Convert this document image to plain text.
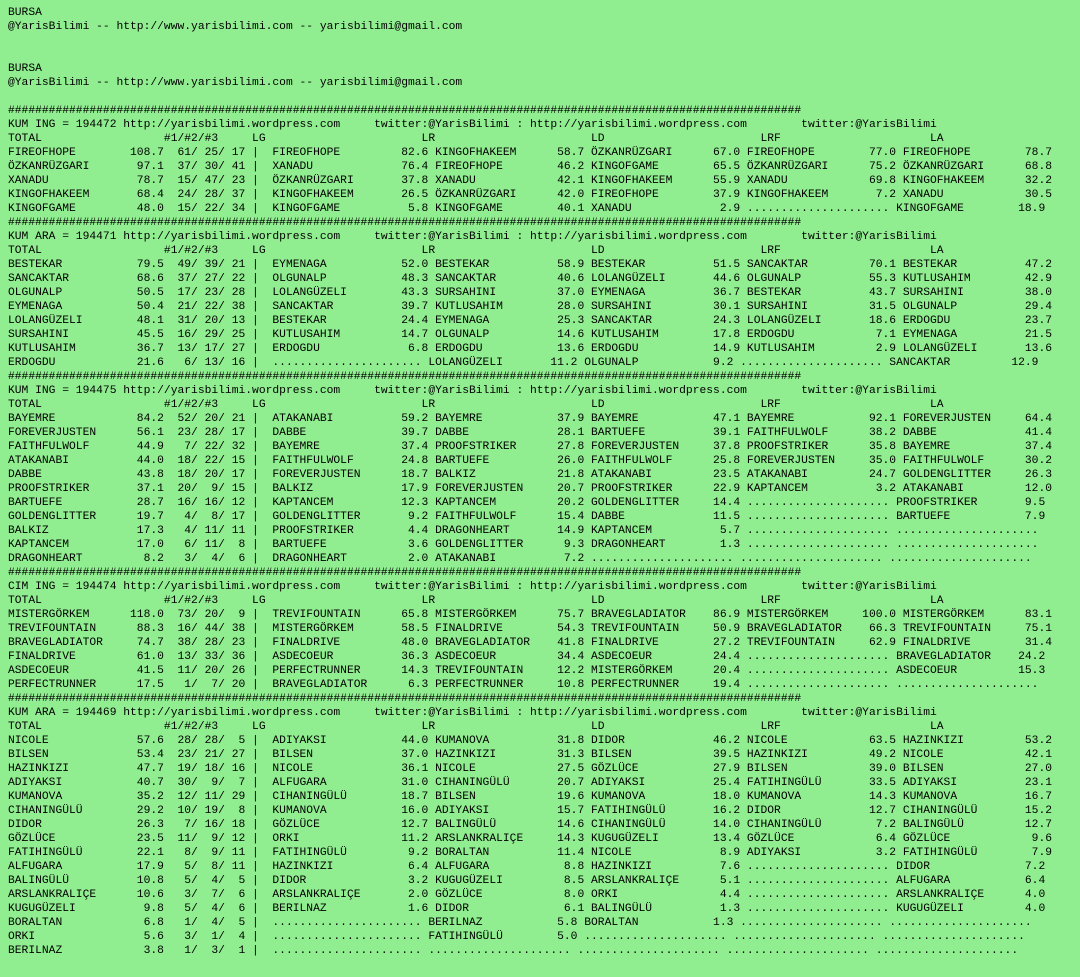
BURSA
@YarisBilimi -- http://www.yarisbilimi.com -- yarisbilimi@gmail.com
BURSA
@YarisBilimi -- http://www.yarisbilimi.com -- yarisbilimi@gmail.com
#####################################################################################################################
KUM ING = 194472 http://yarisbilimi.wordpress.com     twitter:@YarisBilimi : http://yarisbilimi.wordpress.com        twitter:@YarisBilimi
TOTAL                  #1/#2/#3     LG                       LR                       LD                       LRF                      LA
FIREOFHOPE        108.7  61/ 25/ 17 |  FIREOFHOPE         82.6 KINGOFHAKEEM      58.7 ÖZKANRÜZGARI      67.0 FIREOFHOPE        77.0 FIREOFHOPE        78.7
ÖZKANRÜZGARI       97.1  37/ 30/ 41 |  XANADU             76.4 FIREOFHOPE        46.2 KINGOFGAME        65.5 ÖZKANRÜZGARI      75.2 ÖZKANRÜZGARI      68.8
XANADU             78.7  15/ 47/ 23 |  ÖZKANRÜZGARI       37.8 XANADU            42.1 KINGOFHAKEEM      55.9 XANADU            69.8 KINGOFHAKEEM      32.2
KINGOFHAKEEM       68.4  24/ 28/ 37 |  KINGOFHAKEEM       26.5 ÖZKANRÜZGARI      42.0 FIREOFHOPE        37.9 KINGOFHAKEEM       7.2 XANADU            30.5
KINGOFGAME         48.0  15/ 22/ 34 |  KINGOFGAME          5.8 KINGOFGAME        40.1 XANADU             2.9 ..................... KINGOFGAME        18.9
#####################################################################################################################
KUM ARA = 194471 http://yarisbilimi.wordpress.com     twitter:@YarisBilimi : http://yarisbilimi.wordpress.com        twitter:@YarisBilimi
TOTAL                  #1/#2/#3     LG                       LR                       LD                       LRF                      LA
BESTEKAR           79.5  49/ 39/ 21 |  EYMENAGA           52.0 BESTEKAR          58.9 BESTEKAR          51.5 SANCAKTAR         70.1 BESTEKAR          47.2
SANCAKTAR          68.6  37/ 27/ 22 |  OLGUNALP           48.3 SANCAKTAR         40.6 LOLANGÜZELI       44.6 OLGUNALP          55.3 KUTLUSAHIM        42.9
OLGUNALP           50.5  17/ 23/ 28 |  LOLANGÜZELI        43.3 SURSAHINI         37.0 EYMENAGA          36.7 BESTEKAR          43.7 SURSAHINI         38.0
EYMENAGA           50.4  21/ 22/ 38 |  SANCAKTAR          39.7 KUTLUSAHIM        28.0 SURSAHINI         30.1 SURSAHINI         31.5 OLGUNALP          29.4
LOLANGÜZELI        48.1  31/ 20/ 13 |  BESTEKAR           24.4 EYMENAGA          25.3 SANCAKTAR         24.3 LOLANGÜZELI       18.6 ERDOGDU           23.7
SURSAHINI          45.5  16/ 29/ 25 |  KUTLUSAHIM         14.7 OLGUNALP          14.6 KUTLUSAHIM        17.8 ERDOGDU            7.1 EYMENAGA          21.5
KUTLUSAHIM         36.7  13/ 17/ 27 |  ERDOGDU             6.8 ERDOGDU           13.6 ERDOGDU           14.9 KUTLUSAHIM         2.9 LOLANGÜZELI       13.6
ERDOGDU            21.6   6/ 13/ 16 |  ...................... LOLANGÜZELI       11.2 OLGUNALP           9.2 ..................... SANCAKTAR         12.9
#####################################################################################################################
KUM ING = 194475 http://yarisbilimi.wordpress.com     twitter:@YarisBilimi : http://yarisbilimi.wordpress.com        twitter:@YarisBilimi
TOTAL                  #1/#2/#3     LG                       LR                       LD                       LRF                      LA
BAYEMRE            84.2  52/ 20/ 21 |  ATAKANABI          59.2 BAYEMRE           37.9 BAYEMRE           47.1 BAYEMRE           92.1 FOREVERJUSTEN     64.4
FOREVERJUSTEN      56.1  23/ 28/ 17 |  DABBE              39.7 DABBE             28.1 BARTUEFE          39.1 FAITHFULWOLF      38.2 DABBE             41.4
FAITHFULWOLF       44.9   7/ 22/ 32 |  BAYEMRE            37.4 PROOFSTRIKER      27.8 FOREVERJUSTEN     37.8 PROOFSTRIKER      35.8 BAYEMRE           37.4
ATAKANABI          44.0  18/ 22/ 15 |  FAITHFULWOLF       24.8 BARTUEFE          26.0 FAITHFULWOLF      25.8 FOREVERJUSTEN     35.0 FAITHFULWOLF      30.2
DABBE              43.8  18/ 20/ 17 |  FOREVERJUSTEN      18.7 BALKIZ            21.8 ATAKANABI         23.5 ATAKANABI         24.7 GOLDENGLITTER     26.3
PROOFSTRIKER       37.1  20/  9/ 15 |  BALKIZ             17.9 FOREVERJUSTEN     20.7 PROOFSTRIKER      22.9 KAPTANCEM          3.2 ATAKANABI         12.0
BARTUEFE           28.7  16/ 16/ 12 |  KAPTANCEM          12.3 KAPTANCEM         20.2 GOLDENGLITTER     14.4 ..................... PROOFSTRIKER       9.5
GOLDENGLITTER      19.7   4/  8/ 17 |  GOLDENGLITTER       9.2 FAITHFULWOLF      15.4 DABBE             11.5 ..................... BARTUEFE           7.9
BALKIZ             17.3   4/ 11/ 11 |  PROOFSTRIKER        4.4 DRAGONHEART       14.9 KAPTANCEM          5.7 ..................... .....................
KAPTANCEM          17.0   6/ 11/  8 |  BARTUEFE            3.6 GOLDENGLITTER      9.3 DRAGONHEART        1.3 ..................... .....................
DRAGONHEART         8.2   3/  4/  6 |  DRAGONHEART         2.0 ATAKANABI          7.2 ..................... ..................... .....................
#####################################################################################################################
CIM ING = 194474 http://yarisbilimi.wordpress.com     twitter:@YarisBilimi : http://yarisbilimi.wordpress.com        twitter:@YarisBilimi
TOTAL                  #1/#2/#3     LG                       LR                       LD                       LRF                      LA
MISTERGÖRKEM      118.0  73/ 20/  9 |  TREVIFOUNTAIN      65.8 MISTERGÖRKEM      75.7 BRAVEGLADIATOR    86.9 MISTERGÖRKEM     100.0 MISTERGÖRKEM      83.1
TREVIFOUNTAIN      88.3  16/ 44/ 38 |  MISTERGÖRKEM       58.5 FINALDRIVE        54.3 TREVIFOUNTAIN     50.9 BRAVEGLADIATOR    66.3 TREVIFOUNTAIN     75.1
BRAVEGLADIATOR     74.7  38/ 28/ 23 |  FINALDRIVE         48.0 BRAVEGLADIATOR    41.8 FINALDRIVE        27.2 TREVIFOUNTAIN     62.9 FINALDRIVE        31.4
FINALDRIVE         61.0  13/ 33/ 36 |  ASDECOEUR          36.3 ASDECOEUR         34.4 ASDECOEUR         24.4 ..................... BRAVEGLADIATOR    24.2
ASDECOEUR          41.5  11/ 20/ 26 |  PERFECTRUNNER      14.3 TREVIFOUNTAIN     12.2 MISTERGÖRKEM      20.4 ..................... ASDECOEUR         15.3
PERFECTRUNNER      17.5   1/  7/ 20 |  BRAVEGLADIATOR      6.3 PERFECTRUNNER     10.8 PERFECTRUNNER     19.4 ..................... .....................
#####################################################################################################################
KUM ARA = 194469 http://yarisbilimi.wordpress.com     twitter:@YarisBilimi : http://yarisbilimi.wordpress.com        twitter:@YarisBilimi
TOTAL                  #1/#2/#3     LG                       LR                       LD                       LRF                      LA
NICOLE             57.6  28/ 28/  5 |  ADIYAKSI           44.0 KUMANOVA          31.8 DIDOR             46.2 NICOLE            63.5 HAZINKIZI         53.2
BILSEN             53.4  23/ 21/ 27 |  BILSEN             37.0 HAZINKIZI         31.3 BILSEN            39.5 HAZINKIZI         49.2 NICOLE            42.1
HAZINKIZI          47.7  19/ 18/ 16 |  NICOLE             36.1 NICOLE            27.5 GÖZLÜCE           27.9 BILSEN            39.0 BILSEN            27.0
ADIYAKSI           40.7  30/  9/  7 |  ALFUGARA           31.0 CIHANINGÜLÜ       20.7 ADIYAKSI          25.4 FATIHINGÜLÜ       33.5 ADIYAKSI          23.1
KUMANOVA           35.2  12/ 11/ 29 |  CIHANINGÜLÜ        18.7 BILSEN            19.6 KUMANOVA          18.0 KUMANOVA          14.3 KUMANOVA          16.7
CIHANINGÜLÜ        29.2  10/ 19/  8 |  KUMANOVA           16.0 ADIYAKSI          15.7 FATIHINGÜLÜ       16.2 DIDOR             12.7 CIHANINGÜLÜ       15.2
DIDOR              26.3   7/ 16/ 18 |  GÖZLÜCE            12.7 BALINGÜLÜ         14.6 CIHANINGÜLÜ       14.0 CIHANINGÜLÜ        7.2 BALINGÜLÜ         12.7
GÖZLÜCE            23.5  11/  9/ 12 |  ORKI               11.2 ARSLANKRALIÇE     14.3 KUGUGÜZELI        13.4 GÖZLÜCE            6.4 GÖZLÜCE            9.6
FATIHINGÜLÜ        22.1   8/  9/ 11 |  FATIHINGÜLÜ         9.2 BORALTAN          11.4 NICOLE             8.9 ADIYAKSI           3.2 FATIHINGÜLÜ        7.9
ALFUGARA           17.9   5/  8/ 11 |  HAZINKIZI           6.4 ALFUGARA           8.8 HAZINKIZI          7.6 ..................... DIDOR              7.2
BALINGÜLÜ          10.8   5/  4/  5 |  DIDOR               3.2 KUGUGÜZELI         8.5 ARSLANKRALIÇE      5.1 ..................... ALFUGARA           6.4
ARSLANKRALIÇE      10.6   3/  7/  6 |  ARSLANKRALIÇE       2.0 GÖZLÜCE            8.0 ORKI               4.4 ..................... ARSLANKRALIÇE      4.0
KUGUGÜZELI          9.8   5/  4/  6 |  BERILNAZ            1.6 DIDOR              6.1 BALINGÜLÜ          1.3 ..................... KUGUGÜZELI         4.0
BORALTAN            6.8   1/  4/  5 |  ...................... BERILNAZ           5.8 BORALTAN           1.3 ..................... .....................
ORKI                5.6   3/  1/  4 |  ...................... FATIHINGÜLÜ        5.0 ..................... ..................... .....................
BERILNAZ            3.8   1/  3/  1 |  ...................... ..................... ..................... ..................... .....................
